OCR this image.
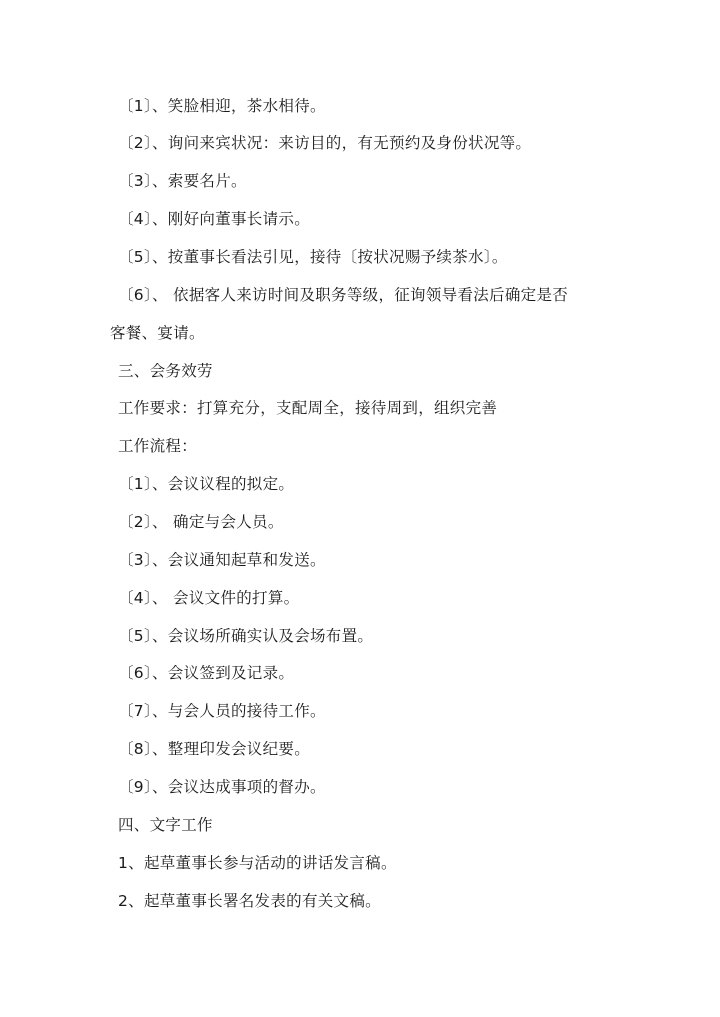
〔1〕、笑脸相迎，茶水相待。
〔2〕、询问来宾状况：来访目的，有无预约及身份状况等。
〔3〕、索要名片。
〔4〕、刚好向董事长请示。
〔5〕、按董事长看法引见，接待〔按状况赐予续茶水〕。
〔6〕、 依据客人来访时间及职务等级，征询领导看法后确定是否
客餐、宴请。
三、会务效劳
工作要求：打算充分，支配周全，接待周到，组织完善
工作流程：
〔1〕、会议议程的拟定。
〔2〕、 确定与会人员。
〔3〕、会议通知起草和发送。
〔4〕、 会议文件的打算。
〔5〕、会议场所确实认及会场布置。
〔6〕、会议签到及记录。
〔7〕、与会人员的接待工作。
〔8〕、整理印发会议纪要。
〔9〕、会议达成事项的督办。
四、文字工作
1、起草董事长参与活动的讲话发言稿。
2、起草董事长署名发表的有关文稿。
